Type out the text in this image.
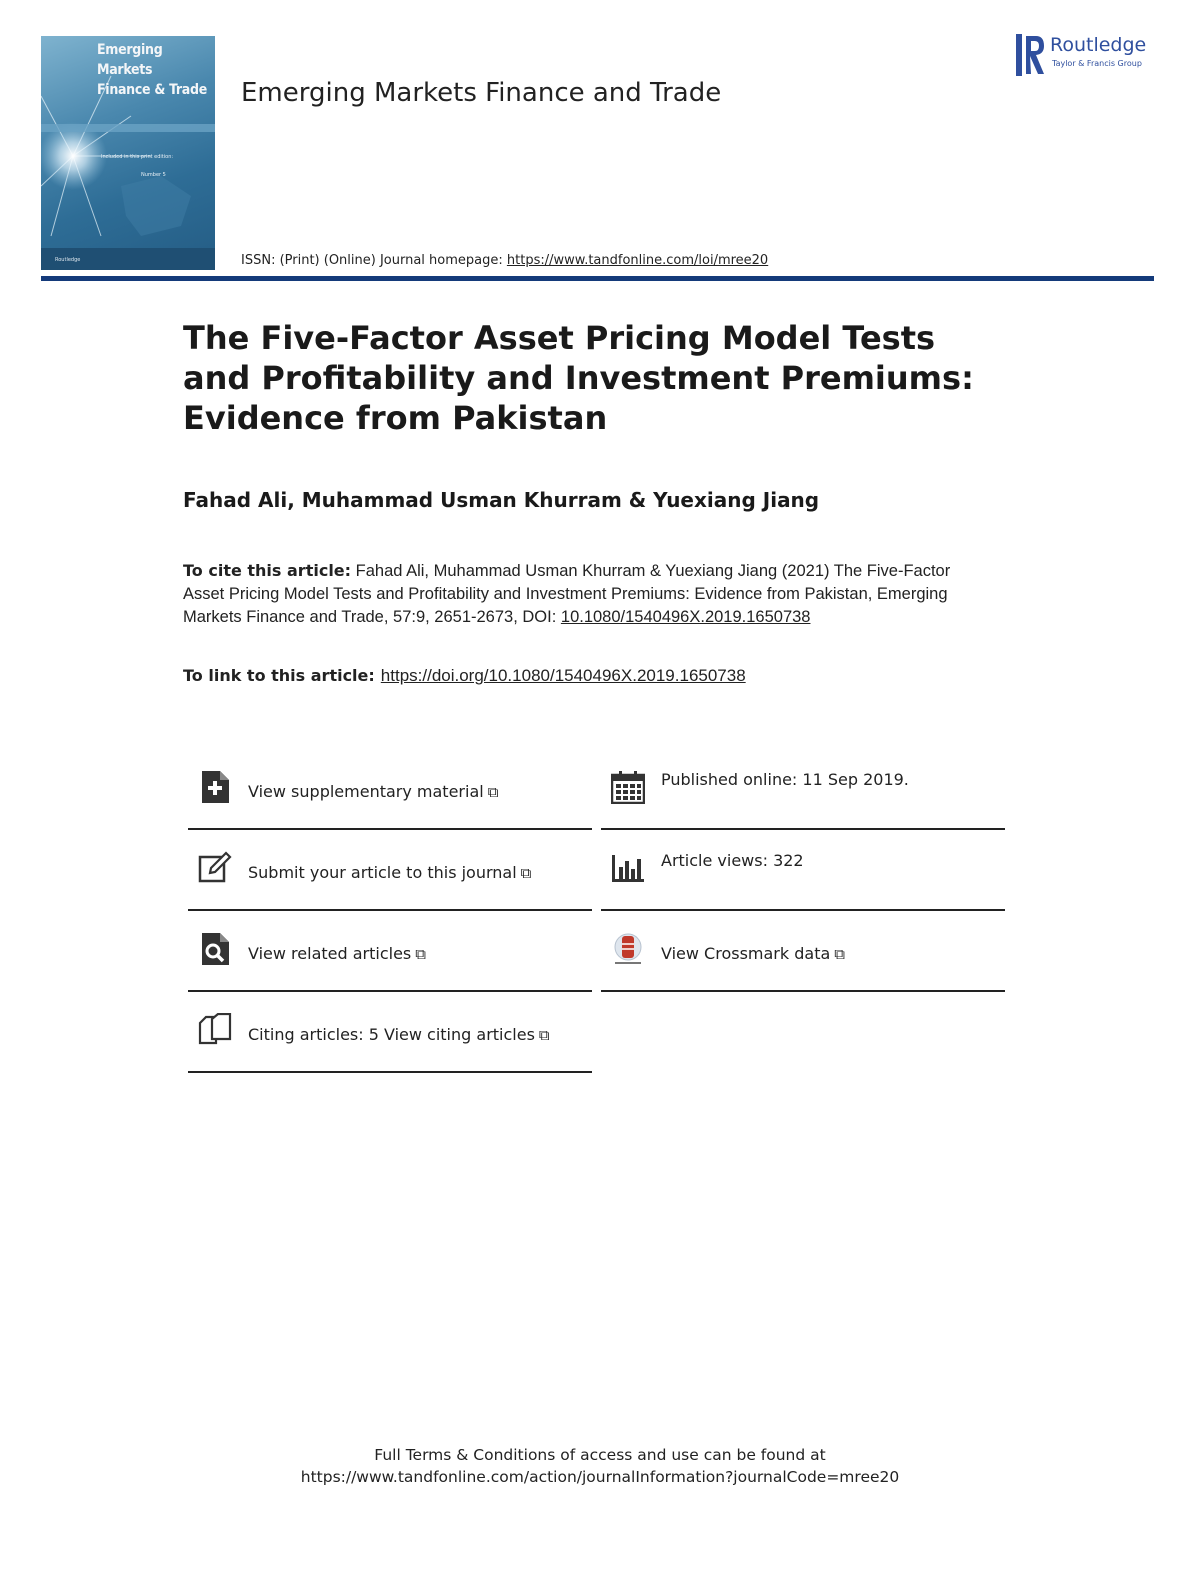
Emerging Markets
Finance & Trade
Included in this print edition:
Number 5
Routledge
Emerging Markets Finance and Trade
Routledge
Taylor & Francis Group
ISSN: (Print) (Online) Journal homepage: https://www.tandfonline.com/loi/mree20
The Five-Factor Asset Pricing Model Tests and Profitability and Investment Premiums: Evidence from Pakistan
Fahad Ali, Muhammad Usman Khurram & Yuexiang Jiang
To cite this article: Fahad Ali, Muhammad Usman Khurram & Yuexiang Jiang (2021) The Five-Factor Asset Pricing Model Tests and Profitability and Investment Premiums: Evidence from Pakistan, Emerging Markets Finance and Trade, 57:9, 2651-2673, DOI: 10.1080/1540496X.2019.1650738
To link to this article: https://doi.org/10.1080/1540496X.2019.1650738
View supplementary material ⧉
Submit your article to this journal ⧉
View related articles ⧉
Citing articles: 5 View citing articles ⧉
Published online: 11 Sep 2019.
Article views: 322
View Crossmark data ⧉
Full Terms & Conditions of access and use can be found at
https://www.tandfonline.com/action/journalInformation?journalCode=mree20
